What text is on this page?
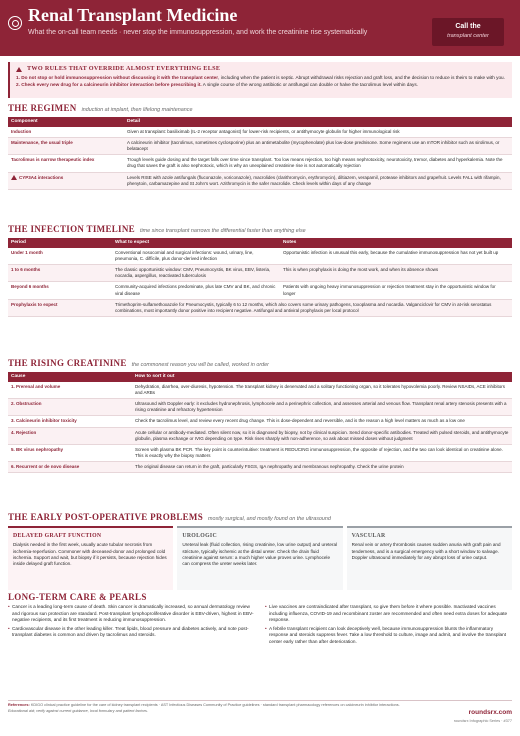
Renal Transplant Medicine
What the on-call team needs · never stop the immunosuppression, and work the creatinine rise systematically
Call the
transplant center
TWO RULES THAT OVERRIDE ALMOST EVERYTHING ELSE
1. Do not stop or hold immunosuppression without discussing it with the transplant center, including when the patient is septic. Abrupt withdrawal risks rejection and graft loss, and the decision to reduce is theirs to make with you. 2. Check every new drug for a calcineurin inhibitor interaction before prescribing it. A single course of the wrong antibiotic or antifungal can double or halve the tacrolimus level within days.
THE REGIMEN induction at implant, then lifelong maintenance
Component	Detail
Induction	Given at transplant: basiliximab (IL-2 receptor antagonist) for lower-risk recipients, or antithymocyte globulin for higher immunological risk
Maintenance, the usual triple	A calcineurin inhibitor (tacrolimus, sometimes cyclosporine) plus an antimetabolite (mycophenolate) plus low-dose prednisone. Some regimens use an mTOR inhibitor such as sirolimus, or belatacept
Tacrolimus is narrow therapeutic index	Trough levels guide dosing and the target falls over time since transplant. Too low means rejection, too high means nephrotoxicity, neurotoxicity, tremor, diabetes and hyperkalemia. Note the drug that saves the graft is also nephrotoxic, which is why an unexplained creatinine rise is not automatically rejection
CYP3A4 interactions	Levels RISE with azole antifungals (fluconazole, voriconazole), macrolides (clarithromycin, erythromycin), diltiazem, verapamil, protease inhibitors and grapefruit. Levels FALL with rifampin, phenytoin, carbamazepine and St John's wort. Azithromycin is the safer macrolide. Check levels within days of any change
THE INFECTION TIMELINE time since transplant narrows the differential faster than anything else
Period	What to expect	Notes
Under 1 month	Conventional nosocomial and surgical infections: wound, urinary, line, pneumonia, C. difficile, plus donor-derived infection	Opportunistic infection is unusual this early, because the cumulative immunosuppression has not yet built up
1 to 6 months	The classic opportunistic window: CMV, Pneumocystis, BK virus, EBV, listeria, nocardia, aspergillus, reactivated tuberculosis	This is when prophylaxis is doing the most work, and when its absence shows
Beyond 6 months	Community-acquired infections predominate, plus late CMV and BK, and chronic viral disease	Patients with ongoing heavy immunosuppression or rejection treatment stay in the opportunistic window for longer
Prophylaxis to expect	Trimethoprim-sulfamethoxazole for Pneumocystis, typically 6 to 12 months, which also covers some urinary pathogens, toxoplasma and nocardia. Valganciclovir for CMV in at-risk serostatus combinations, most importantly donor positive into recipient negative. Antifungal and antiviral prophylaxis per local protocol	
THE RISING CREATININE the commonest reason you will be called, worked in order
Cause	How to sort it out
1. Prerenal and volume	Dehydration, diarrhea, over-diuresis, hypotension. The transplant kidney is denervated and a solitary functioning organ, so it tolerates hypovolemia poorly. Review NSAIDs, ACE inhibitors and ARBs
2. Obstruction	Ultrasound with Doppler early: it excludes hydronephrosis, lymphocele and a perinephric collection, and assesses arterial and venous flow. Transplant renal artery stenosis presents with a rising creatinine and refractory hypertension
3. Calcineurin inhibitor toxicity	Check the tacrolimus level, and review every recent drug change. This is dose-dependent and reversible, and is the reason a high level matters as much as a low one
4. Rejection	Acute cellular or antibody-mediated. Often silent now, so it is diagnosed by biopsy, not by clinical suspicion. Send donor-specific antibodies. Treated with pulsed steroids, and antithymocyte globulin, plasma exchange or IVIG depending on type. Risk rises sharply with non-adherence, so ask about missed doses without judgment
5. BK virus nephropathy	Screen with plasma BK PCR. The key point is counterintuitive: treatment is REDUCING immunosuppression, the opposite of rejection, and the two can look identical on creatinine alone. This is exactly why the biopsy matters
6. Recurrent or de novo disease	The original disease can return in the graft, particularly FSGS, IgA nephropathy and membranous nephropathy. Check the urine protein
THE EARLY POST-OPERATIVE PROBLEMS mostly surgical, and mostly found on the ultrasound
DELAYED GRAFT FUNCTION
Dialysis needed in the first week, usually acute tubular necrosis from ischemia-reperfusion. Commoner with deceased-donor and prolonged cold ischemia. Support and wait, but biopsy if it persists, because rejection hides inside delayed graft function.
UROLOGIC
Ureteral leak (fluid collection, rising creatinine, low urine output) and ureteral stricture, typically ischemic at the distal ureter. Check the drain fluid creatinine against serum: a much higher value proves urine. Lymphocele can compress the ureter weeks later.
VASCULAR
Renal vein or artery thrombosis causes sudden anuria with graft pain and tenderness, and is a surgical emergency with a short window to salvage. Doppler ultrasound immediately for any abrupt loss of urine output.
LONG-TERM CARE & PEARLS
• Cancer is a leading long-term cause of death. Skin cancer is dramatically increased, so annual dermatology review and rigorous sun protection are standard. Post-transplant lymphoproliferative disorder is EBV-driven, highest in EBV-negative recipients, and its first treatment is reducing immunosuppression.
• Cardiovascular disease is the other leading killer. Treat lipids, blood pressure and diabetes actively, and note post-transplant diabetes is common and driven by tacrolimus and steroids.
• Live vaccines are contraindicated after transplant, so give them before it where possible. Inactivated vaccines including influenza, COVID-19 and recombinant zoster are recommended and often need extra doses for adequate response.
• A febrile transplant recipient can look deceptively well, because immunosuppression blunts the inflammatory response and steroids suppress fever. Take a low threshold to culture, image and admit, and involve the transplant center early rather than after deterioration.
References: KDIGO clinical practice guideline for the care of kidney transplant recipients · AST Infectious Diseases Community of Practice guidelines · standard transplant pharmacology references on calcineurin inhibitor interactions.
Educational aid; verify against current guidance, local formulary and patient factors.	roundsrx.com
roundsrx Infographic Series · #377
